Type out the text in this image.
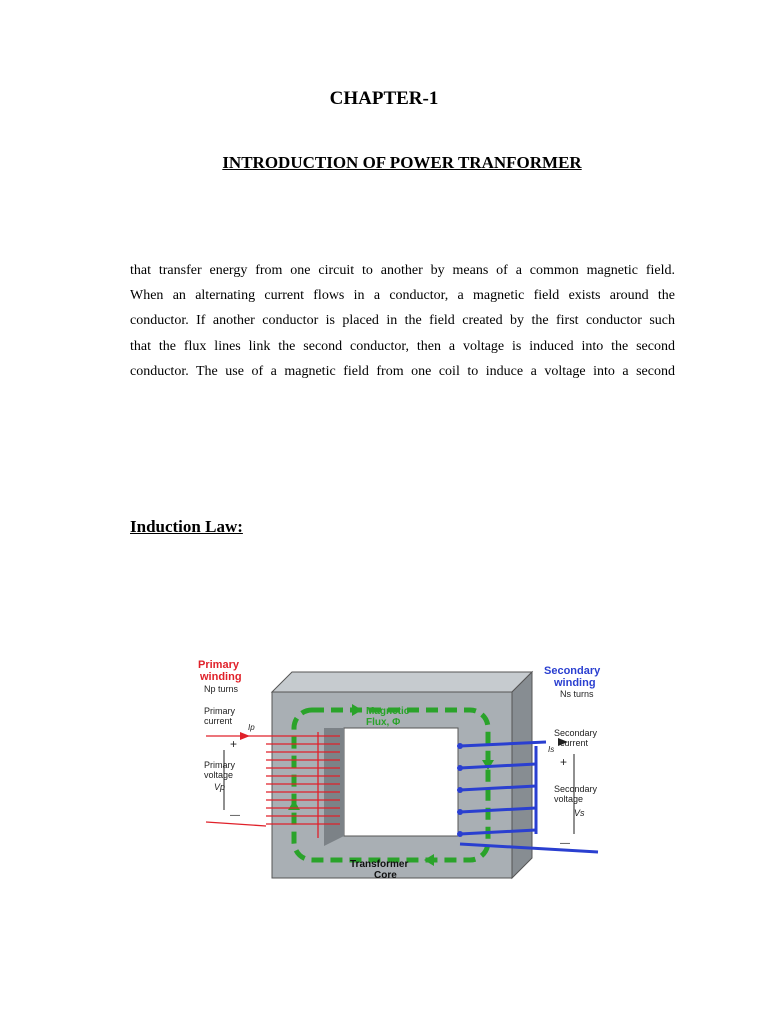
CHAPTER-1
INTRODUCTION OF POWER TRANFORMER
that transfer energy from one circuit to another by means of a common magnetic field.
When an alternating current flows in a conductor, a magnetic field exists around the
conductor. If another conductor is placed in the field created by the first conductor such
that the flux lines link the second conductor, then a voltage is induced into the second
conductor. The use of a magnetic field from one coil to induce a voltage into a second
Induction Law:
Primary
winding
Np turns
Primary
current
Ip
+
Primary
voltage
Vp
—
Magnetic
Flux, Φ
Transformer
Core
Secondary
winding
Ns turns
Secondary
current
Is
+
Secondary
voltage
Vs
—
